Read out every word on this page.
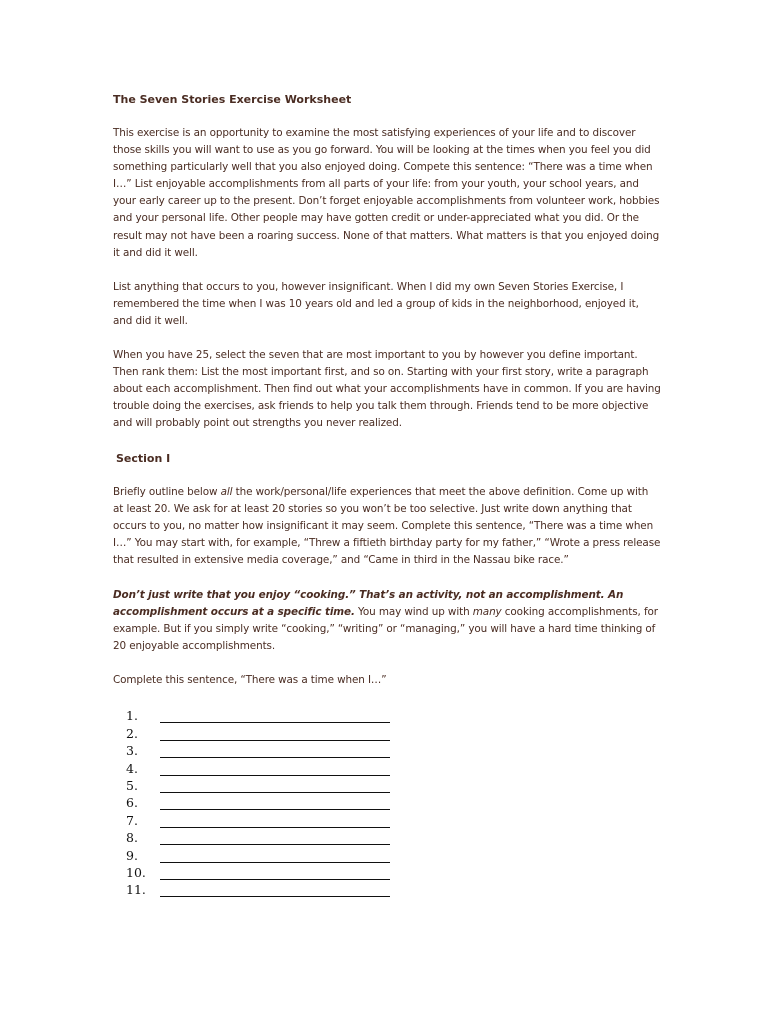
The Seven Stories Exercise Worksheet
This exercise is an opportunity to examine the most satisfying experiences of your life and to discover those skills you will want to use as you go forward. You will be looking at the times when you feel you did something particularly well that you also enjoyed doing. Compete this sentence: “There was a time when I…” List enjoyable accomplishments from all parts of your life: from your youth, your school years, and your early career up to the present. Don’t forget enjoyable accomplishments from volunteer work, hobbies and your personal life. Other people may have gotten credit or under-appreciated what you did. Or the result may not have been a roaring success. None of that matters. What matters is that you enjoyed doing it and did it well.
List anything that occurs to you, however insignificant. When I did my own Seven Stories Exercise, I remembered the time when I was 10 years old and led a group of kids in the neighborhood, enjoyed it, and did it well.
When you have 25, select the seven that are most important to you by however you define important. Then rank them: List the most important first, and so on. Starting with your first story, write a paragraph about each accomplishment. Then find out what your accomplishments have in common. If you are having trouble doing the exercises, ask friends to help you talk them through. Friends tend to be more objective and will probably point out strengths you never realized.
Section I
Briefly outline below all the work/personal/life experiences that meet the above definition. Come up with at least 20. We ask for at least 20 stories so you won’t be too selective. Just write down anything that occurs to you, no matter how insignificant it may seem. Complete this sentence, “There was a time when I…” You may start with, for example, “Threw a fiftieth birthday party for my father,” “Wrote a press release that resulted in extensive media coverage,” and “Came in third in the Nassau bike race.”
Don’t just write that you enjoy “cooking.” That’s an activity, not an accomplishment. An accomplishment occurs at a specific time. You may wind up with many cooking accomplishments, for example. But if you simply write “cooking,” “writing” or “managing,” you will have a hard time thinking of 20 enjoyable accomplishments.
Complete this sentence, “There was a time when I…”
1.
2.
3.
4.
5.
6.
7.
8.
9.
10.
11.
